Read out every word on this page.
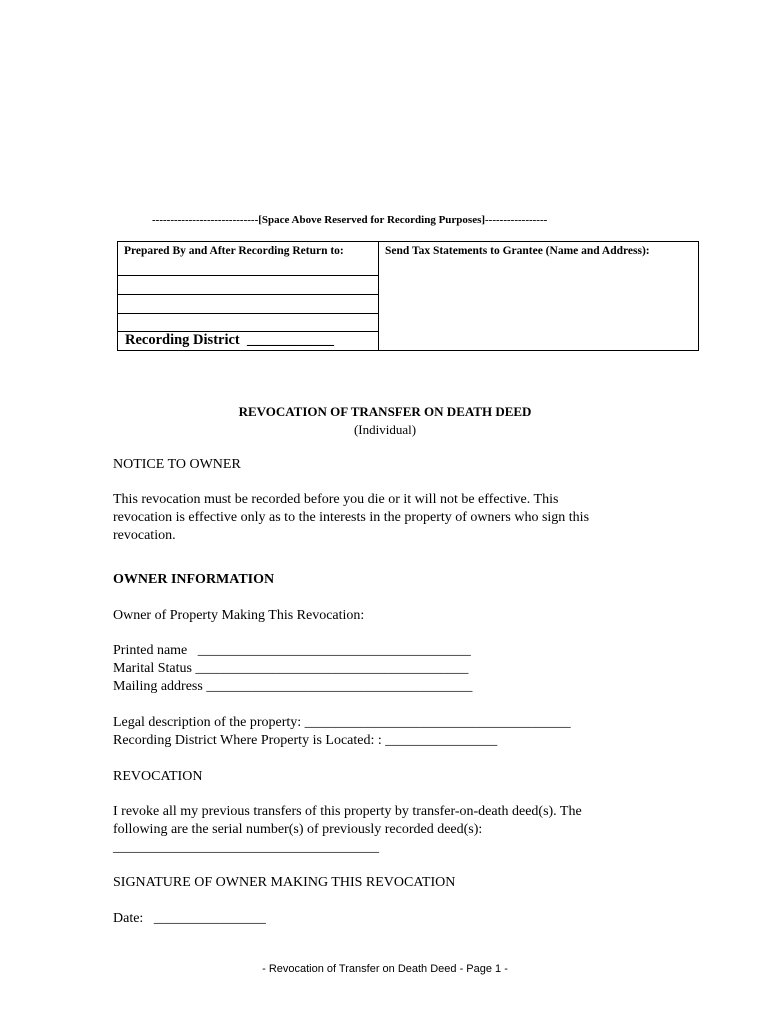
-----------------------------[Space Above Reserved for Recording Purposes]-----------------
Prepared By and After Recording Return to:
Recording District  ____________
Send Tax Statements to Grantee (Name and Address):
REVOCATION OF TRANSFER ON DEATH DEED
(Individual)
NOTICE TO OWNER
This revocation must be recorded before you die or it will not be effective. This
revocation is effective only as to the interests in the property of owners who sign this
revocation.
OWNER INFORMATION
Owner of Property Making This Revocation:
Printed name   _______________________________________
Marital Status _______________________________________
Mailing address ______________________________________
Legal description of the property: ______________________________________
Recording District Where Property is Located: : ________________
REVOCATION
I revoke all my previous transfers of this property by transfer-on-death deed(s). The
following are the serial number(s) of previously recorded deed(s):
______________________________________
SIGNATURE OF OWNER MAKING THIS REVOCATION
Date:   ________________
- Revocation of Transfer on Death Deed - Page 1 -
